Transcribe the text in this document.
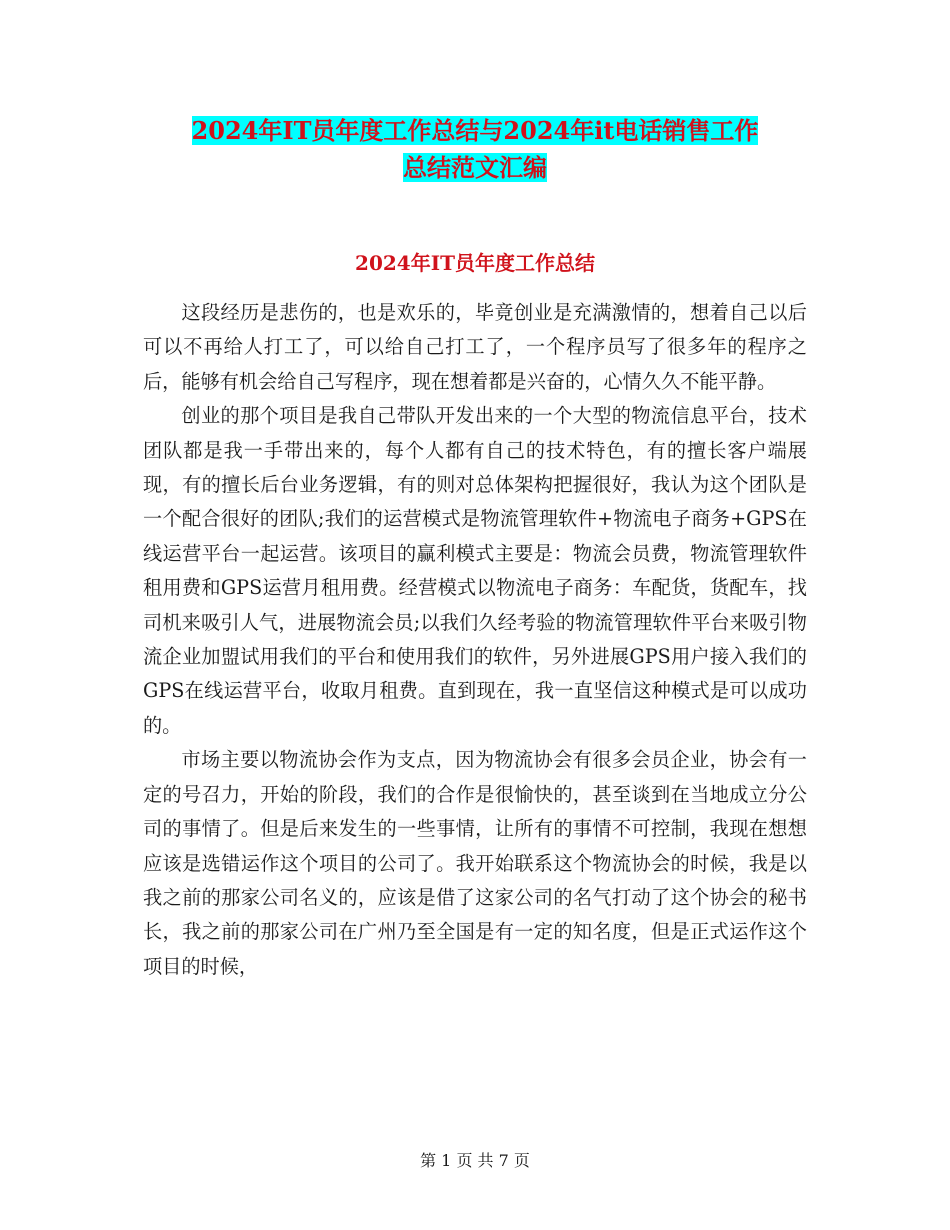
2024年IT员年度工作总结与2024年it电话销售工作
总结范文汇编
2024年IT员年度工作总结

这段经历是悲伤的，也是欢乐的，毕竟创业是充满激情的，想着自己以后可以不再给人打工了，可以给自己打工了，一个程序员写了很多年的程序之后，能够有机会给自己写程序，现在想着都是兴奋的，心情久久不能平静。

创业的那个项目是我自己带队开发出来的一个大型的物流信息平台，技术团队都是我一手带出来的，每个人都有自己的技术特色，有的擅长客户端展现，有的擅长后台业务逻辑，有的则对总体架构把握很好，我认为这个团队是一个配合很好的团队;我们的运营模式是物流管理软件+物流电子商务+GPS在线运营平台一起运营。该项目的赢利模式主要是：物流会员费，物流管理软件租用费和GPS运营月租用费。经营模式以物流电子商务：车配货，货配车，找司机来吸引人气，进展物流会员;以我们久经考验的物流管理软件平台来吸引物流企业加盟试用我们的平台和使用我们的软件，另外进展GPS用户接入我们的GPS在线运营平台，收取月租费。直到现在，我一直坚信这种模式是可以成功的。

市场主要以物流协会作为支点，因为物流协会有很多会员企业，协会有一定的号召力，开始的阶段，我们的合作是很愉快的，甚至谈到在当地成立分公司的事情了。但是后来发生的一些事情，让所有的事情不可控制，我现在想想应该是选错运作这个项目的公司了。我开始联系这个物流协会的时候，我是以我之前的那家公司名义的，应该是借了这家公司的名气打动了这个协会的秘书长，我之前的那家公司在广州乃至全国是有一定的知名度，但是正式运作这个项目的时候，

第 1 页 共 7 页
